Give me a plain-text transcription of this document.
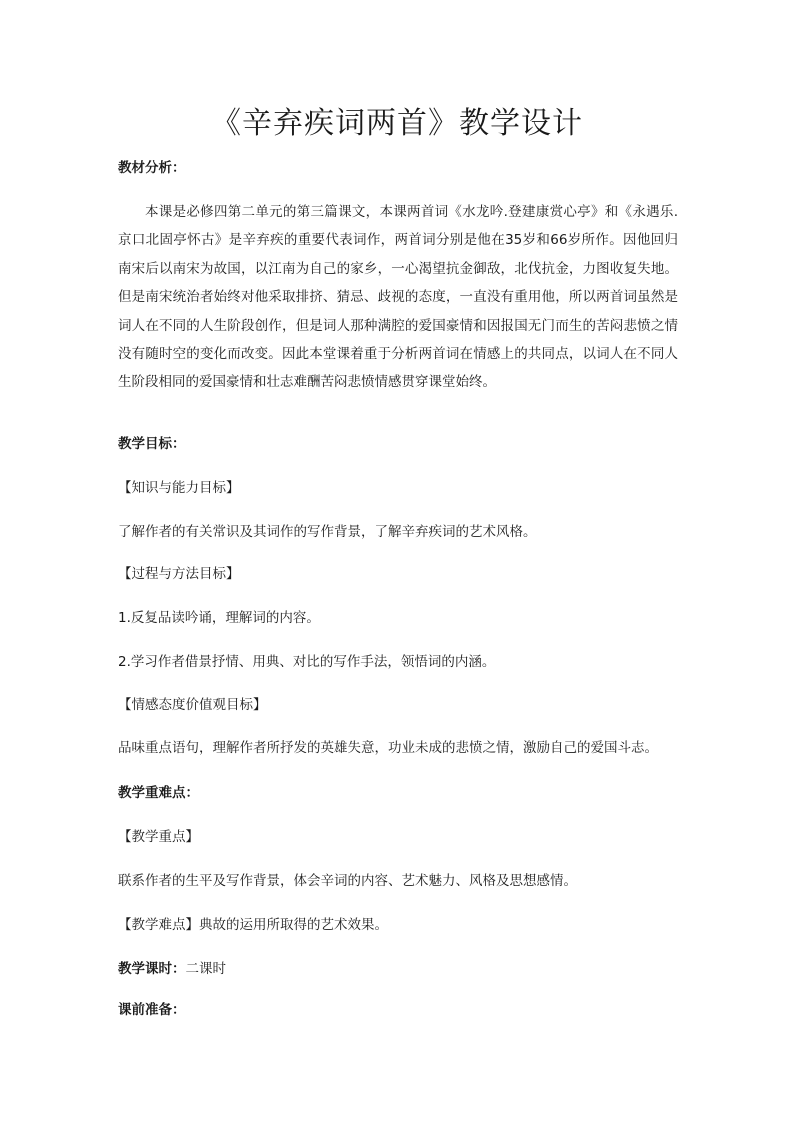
《辛弃疾词两首》教学设计
教材分析：
本课是必修四第二单元的第三篇课文，本课两首词《水龙吟.登建康赏心亭》和《永遇乐.京口北固亭怀古》是辛弃疾的重要代表词作，两首词分别是他在35岁和66岁所作。因他回归南宋后以南宋为故国，以江南为自己的家乡，一心渴望抗金御敌，北伐抗金，力图收复失地。但是南宋统治者始终对他采取排挤、猜忌、歧视的态度，一直没有重用他，所以两首词虽然是词人在不同的人生阶段创作，但是词人那种满腔的爱国豪情和因报国无门而生的苦闷悲愤之情没有随时空的变化而改变。因此本堂课着重于分析两首词在情感上的共同点，以词人在不同人生阶段相同的爱国豪情和壮志难酬苦闷悲愤情感贯穿课堂始终。
教学目标：
【知识与能力目标】
了解作者的有关常识及其词作的写作背景，了解辛弃疾词的艺术风格。
【过程与方法目标】
1.反复品读吟诵，理解词的内容。
2.学习作者借景抒情、用典、对比的写作手法，领悟词的内涵。
【情感态度价值观目标】
品味重点语句，理解作者所抒发的英雄失意，功业未成的悲愤之情，激励自己的爱国斗志。
教学重难点：
【教学重点】
联系作者的生平及写作背景，体会辛词的内容、艺术魅力、风格及思想感情。
【教学难点】典故的运用所取得的艺术效果。
教学课时：二课时
课前准备：
